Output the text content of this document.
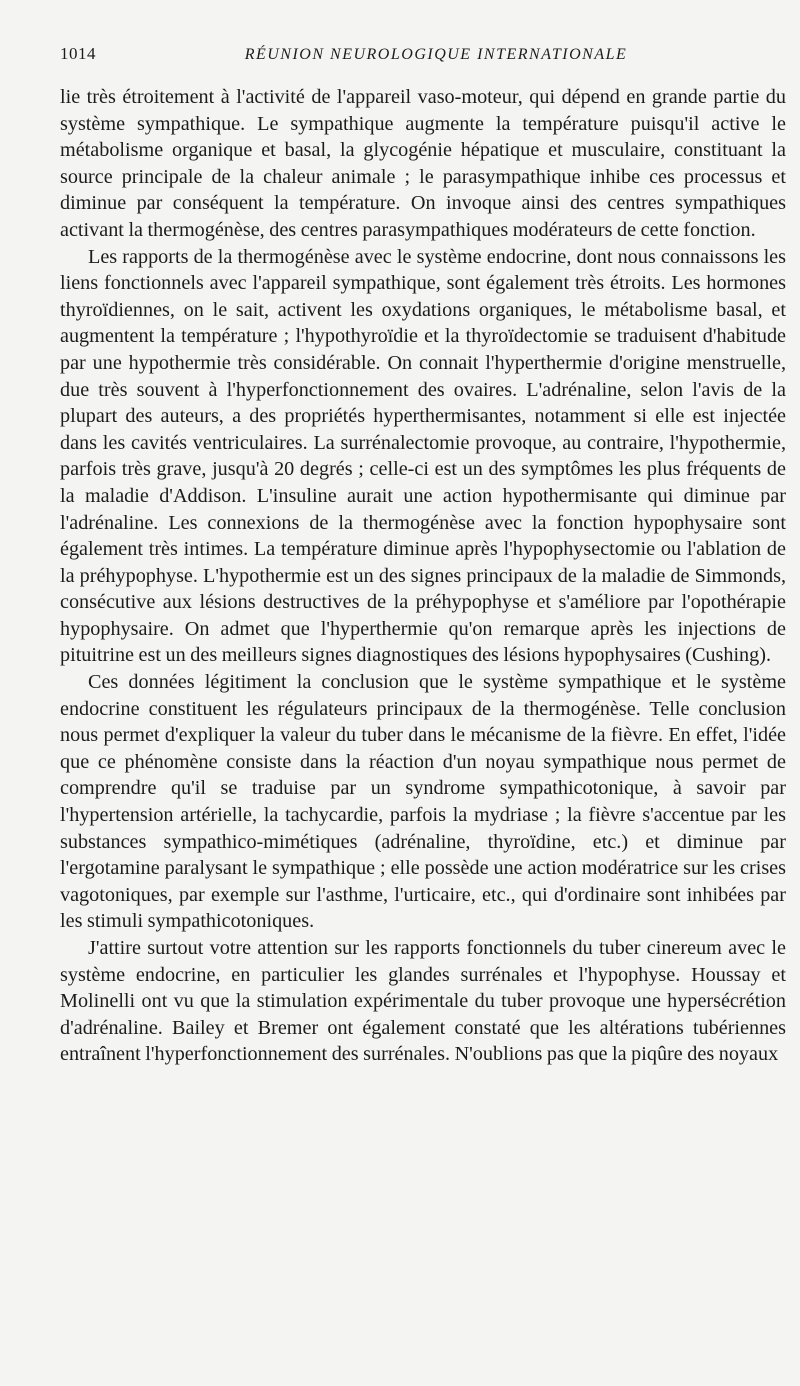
1014	RÉUNION NEUROLOGIQUE INTERNATIONALE

lie très étroitement à l'activité de l'appareil vaso-moteur, qui dépend en grande partie du système sympathique. Le sympathique augmente la température puisqu'il active le métabolisme organique et basal, la glycogénie hépatique et musculaire, constituant la source principale de la chaleur animale ; le parasympathique inhibe ces processus et diminue par conséquent la température. On invoque ainsi des centres sympathiques activant la thermogénèse, des centres parasympathiques modérateurs de cette fonction.

Les rapports de la thermogénèse avec le système endocrine, dont nous connaissons les liens fonctionnels avec l'appareil sympathique, sont également très étroits. Les hormones thyroïdiennes, on le sait, activent les oxydations organiques, le métabolisme basal, et augmentent la température ; l'hypothyroïdie et la thyroïdectomie se traduisent d'habitude par une hypothermie très considérable. On connait l'hyperthermie d'origine menstruelle, due très souvent à l'hyperfonctionnement des ovaires. L'adrénaline, selon l'avis de la plupart des auteurs, a des propriétés hyperthermisantes, notamment si elle est injectée dans les cavités ventriculaires. La surrénalectomie provoque, au contraire, l'hypothermie, parfois très grave, jusqu'à 20 degrés ; celle-ci est un des symptômes les plus fréquents de la maladie d'Addison. L'insuline aurait une action hypothermisante qui diminue par l'adrénaline. Les connexions de la thermogénèse avec la fonction hypophysaire sont également très intimes. La température diminue après l'hypophysectomie ou l'ablation de la préhypophyse. L'hypothermie est un des signes principaux de la maladie de Simmonds, consécutive aux lésions destructives de la préhypophyse et s'améliore par l'opothérapie hypophysaire. On admet que l'hyperthermie qu'on remarque après les injections de pituitrine est un des meilleurs signes diagnostiques des lésions hypophysaires (Cushing).

Ces données légitiment la conclusion que le système sympathique et le système endocrine constituent les régulateurs principaux de la thermogénèse. Telle conclusion nous permet d'expliquer la valeur du tuber dans le mécanisme de la fièvre. En effet, l'idée que ce phénomène consiste dans la réaction d'un noyau sympathique nous permet de comprendre qu'il se traduise par un syndrome sympathicotonique, à savoir par l'hypertension artérielle, la tachycardie, parfois la mydriase ; la fièvre s'accentue par les substances sympathico-mimétiques (adrénaline, thyroïdine, etc.) et diminue par l'ergotamine paralysant le sympathique ; elle possède une action modératrice sur les crises vagotoniques, par exemple sur l'asthme, l'urticaire, etc., qui d'ordinaire sont inhibées par les stimuli sympathicotoniques.

J'attire surtout votre attention sur les rapports fonctionnels du tuber cinereum avec le système endocrine, en particulier les glandes surrénales et l'hypophyse. Houssay et Molinelli ont vu que la stimulation expérimentale du tuber provoque une hypersécrétion d'adrénaline. Bailey et Bremer ont également constaté que les altérations tubériennes entraînent l'hyperfonctionnement des surrénales. N'oublions pas que la piqûre des noyaux
